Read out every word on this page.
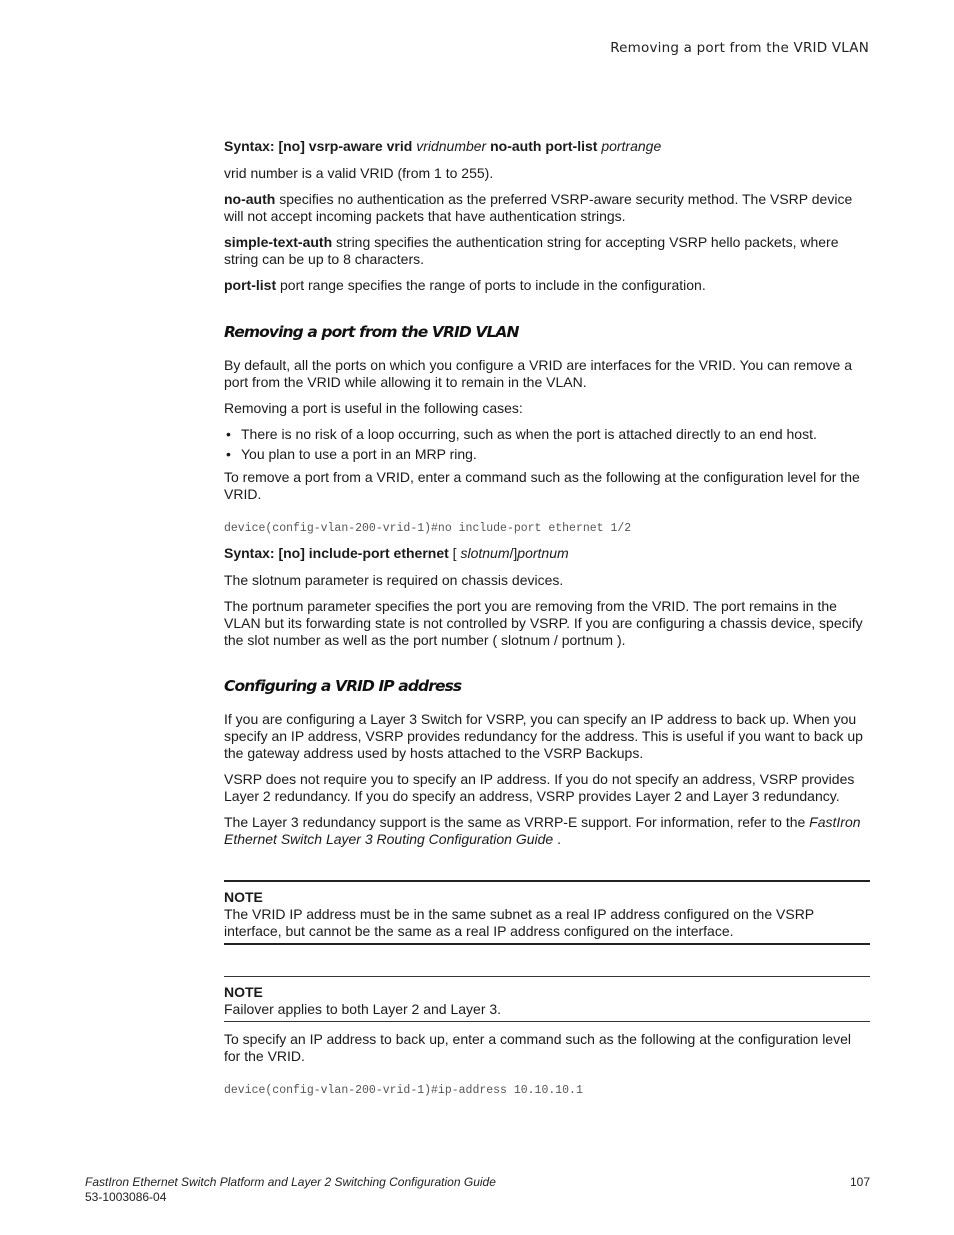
Removing a port from the VRID VLAN

Syntax: [no] vsrp-aware vrid vridnumber no-auth port-list portrange

vrid number is a valid VRID (from 1 to 255).

no-auth specifies no authentication as the preferred VSRP-aware security method. The VSRP device will not accept incoming packets that have authentication strings.

simple-text-auth string specifies the authentication string for accepting VSRP hello packets, where string can be up to 8 characters.

port-list port range specifies the range of ports to include in the configuration.

Removing a port from the VRID VLAN

By default, all the ports on which you configure a VRID are interfaces for the VRID. You can remove a port from the VRID while allowing it to remain in the VLAN.

Removing a port is useful in the following cases:

• There is no risk of a loop occurring, such as when the port is attached directly to an end host.
• You plan to use a port in an MRP ring.

To remove a port from a VRID, enter a command such as the following at the configuration level for the VRID.

device(config-vlan-200-vrid-1)#no include-port ethernet 1/2

Syntax: [no] include-port ethernet [ slotnum/]portnum

The slotnum parameter is required on chassis devices.

The portnum parameter specifies the port you are removing from the VRID. The port remains in the VLAN but its forwarding state is not controlled by VSRP. If you are configuring a chassis device, specify the slot number as well as the port number ( slotnum / portnum ).

Configuring a VRID IP address

If you are configuring a Layer 3 Switch for VSRP, you can specify an IP address to back up. When you specify an IP address, VSRP provides redundancy for the address. This is useful if you want to back up the gateway address used by hosts attached to the VSRP Backups.

VSRP does not require you to specify an IP address. If you do not specify an address, VSRP provides Layer 2 redundancy. If you do specify an address, VSRP provides Layer 2 and Layer 3 redundancy.

The Layer 3 redundancy support is the same as VRRP-E support. For information, refer to the FastIron Ethernet Switch Layer 3 Routing Configuration Guide .

NOTE

The VRID IP address must be in the same subnet as a real IP address configured on the VSRP interface, but cannot be the same as a real IP address configured on the interface.

NOTE

Failover applies to both Layer 2 and Layer 3.

To specify an IP address to back up, enter a command such as the following at the configuration level for the VRID.

device(config-vlan-200-vrid-1)#ip-address 10.10.10.1

FastIron Ethernet Switch Platform and Layer 2 Switching Configuration Guide
53-1003086-04
107
